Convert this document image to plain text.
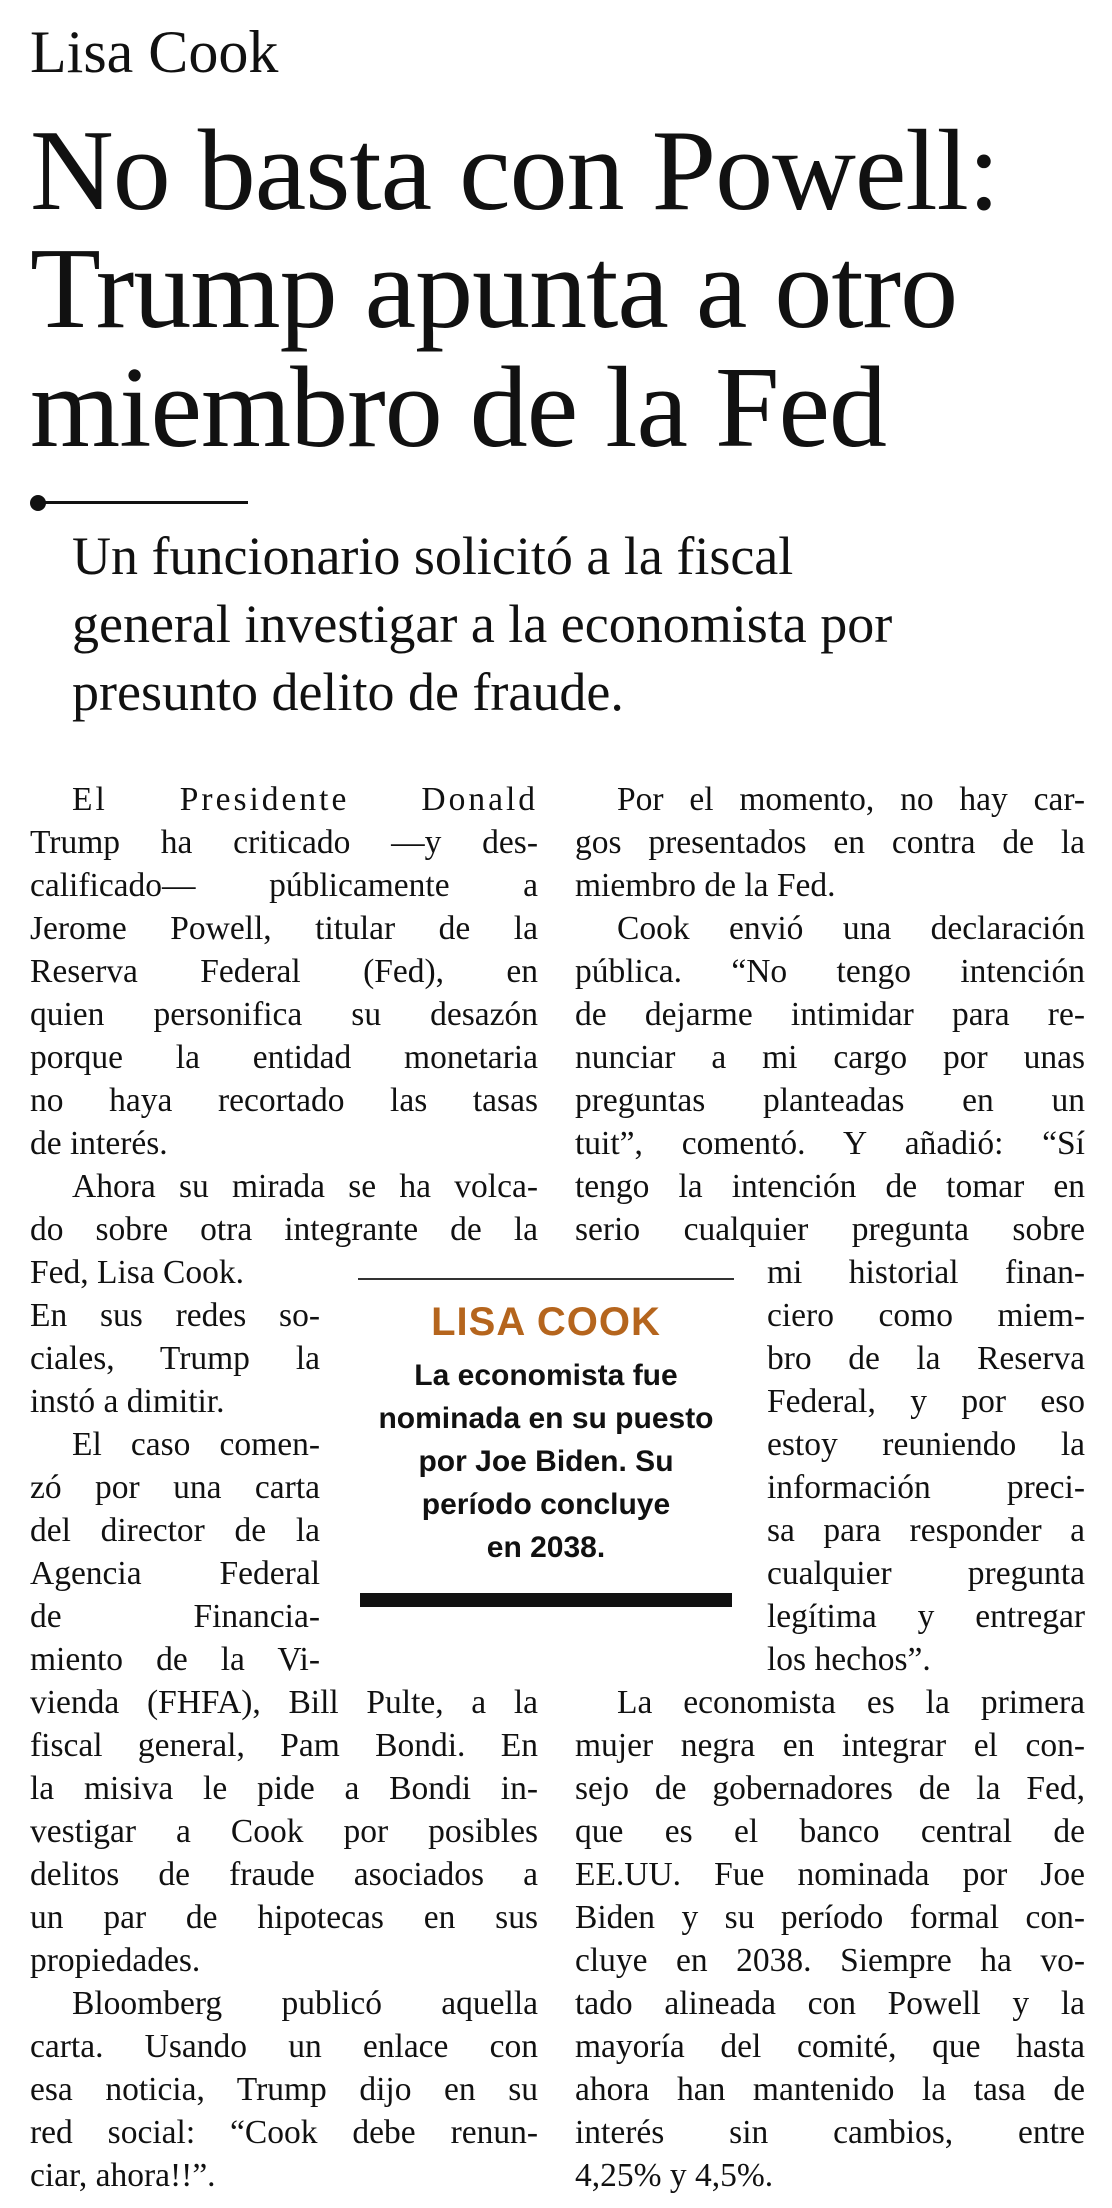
Lisa Cook
No basta con Powell:
Trump apunta a otro
miembro de la Fed
Un funcionario solicitó a la fiscal
general investigar a la economista por
presunto delito de fraude.
El Presidente Donald
Trump ha criticado —y des-
calificado— públicamente a
Jerome Powell, titular de la
Reserva Federal (Fed), en
quien personifica su desazón
porque la entidad monetaria
no haya recortado las tasas
de interés.
Ahora su mirada se ha volca-
do sobre otra integrante de la
Fed, Lisa Cook.
En sus redes so-
ciales, Trump la
instó a dimitir.
El caso comen-
zó por una carta
del director de la
Agencia Federal
de Financia-
miento de la Vi-
vienda (FHFA), Bill Pulte, a la
fiscal general, Pam Bondi. En
la misiva le pide a Bondi in-
vestigar a Cook por posibles
delitos de fraude asociados a
un par de hipotecas en sus
propiedades.
Bloomberg publicó aquella
carta. Usando un enlace con
esa noticia, Trump dijo en su
red social: “Cook debe renun-
ciar, ahora!!”.
Por el momento, no hay car-
gos presentados en contra de la
miembro de la Fed.
Cook envió una declaración
pública. “No tengo intención
de dejarme intimidar para re-
nunciar a mi cargo por unas
preguntas planteadas en un
tuit”, comentó. Y añadió: “Sí
tengo la intención de tomar en
serio cualquier pregunta sobre
mi historial finan-
ciero como miem-
bro de la Reserva
Federal, y por eso
estoy reuniendo la
información preci-
sa para responder a
cualquier pregunta
legítima y entregar
los hechos”.
La economista es la primera
mujer negra en integrar el con-
sejo de gobernadores de la Fed,
que es el banco central de
EE.UU. Fue nominada por Joe
Biden y su período formal con-
cluye en 2038. Siempre ha vo-
tado alineada con Powell y la
mayoría del comité, que hasta
ahora han mantenido la tasa de
interés sin cambios, entre
4,25% y 4,5%.
LISA COOK
La economista fue
nominada en su puesto
por Joe Biden. Su
período concluye
en 2038.
